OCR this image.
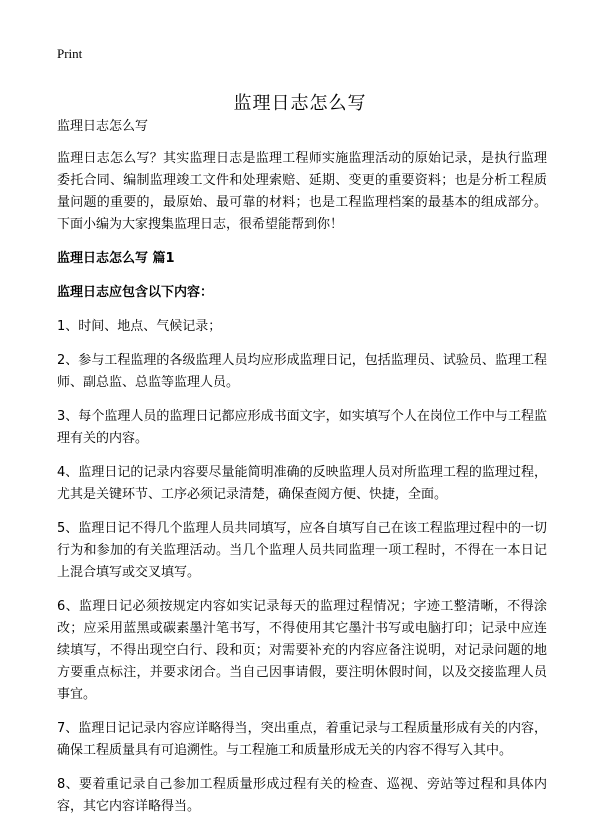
Print
监理日志怎么写

监理日志怎么写

监理日志怎么写？其实监理日志是监理工程师实施监理活动的原始记录，是执行监理委托合同、编制监理竣工文件和处理索赔、延期、变更的重要资料；也是分析工程质量问题的重要的，最原始、最可靠的材料；也是工程监理档案的最基本的组成部分。下面小编为大家搜集监理日志，很希望能帮到你！

监理日志怎么写 篇1

监理日志应包含以下内容：

1、时间、地点、气候记录；

2、参与工程监理的各级监理人员均应形成监理日记，包括监理员、试验员、监理工程师、副总监、总监等监理人员。

3、每个监理人员的监理日记都应形成书面文字，如实填写个人在岗位工作中与工程监理有关的内容。

4、监理日记的记录内容要尽量能简明准确的反映监理人员对所监理工程的监理过程，尤其是关键环节、工序必须记录清楚，确保查阅方便、快捷，全面。

5、监理日记不得几个监理人员共同填写，应各自填写自己在该工程监理过程中的一切行为和参加的有关监理活动。当几个监理人员共同监理一项工程时，不得在一本日记上混合填写或交叉填写。

6、监理日记必须按规定内容如实记录每天的监理过程情况；字迹工整清晰，不得涂改；应采用蓝黑或碳素墨汁笔书写，不得使用其它墨汁书写或电脑打印；记录中应连续填写，不得出现空白行、段和页；对需要补充的内容应备注说明，对记录问题的地方要重点标注，并要求闭合。当自己因事请假，要注明休假时间，以及交接监理人员事宜。

7、监理日记记录内容应详略得当，突出重点，着重记录与工程质量形成有关的内容，确保工程质量具有可追溯性。与工程施工和质量形成无关的内容不得写入其中。

8、要着重记录自己参加工程质量形成过程有关的检查、巡视、旁站等过程和具体内容，其它内容详略得当。
